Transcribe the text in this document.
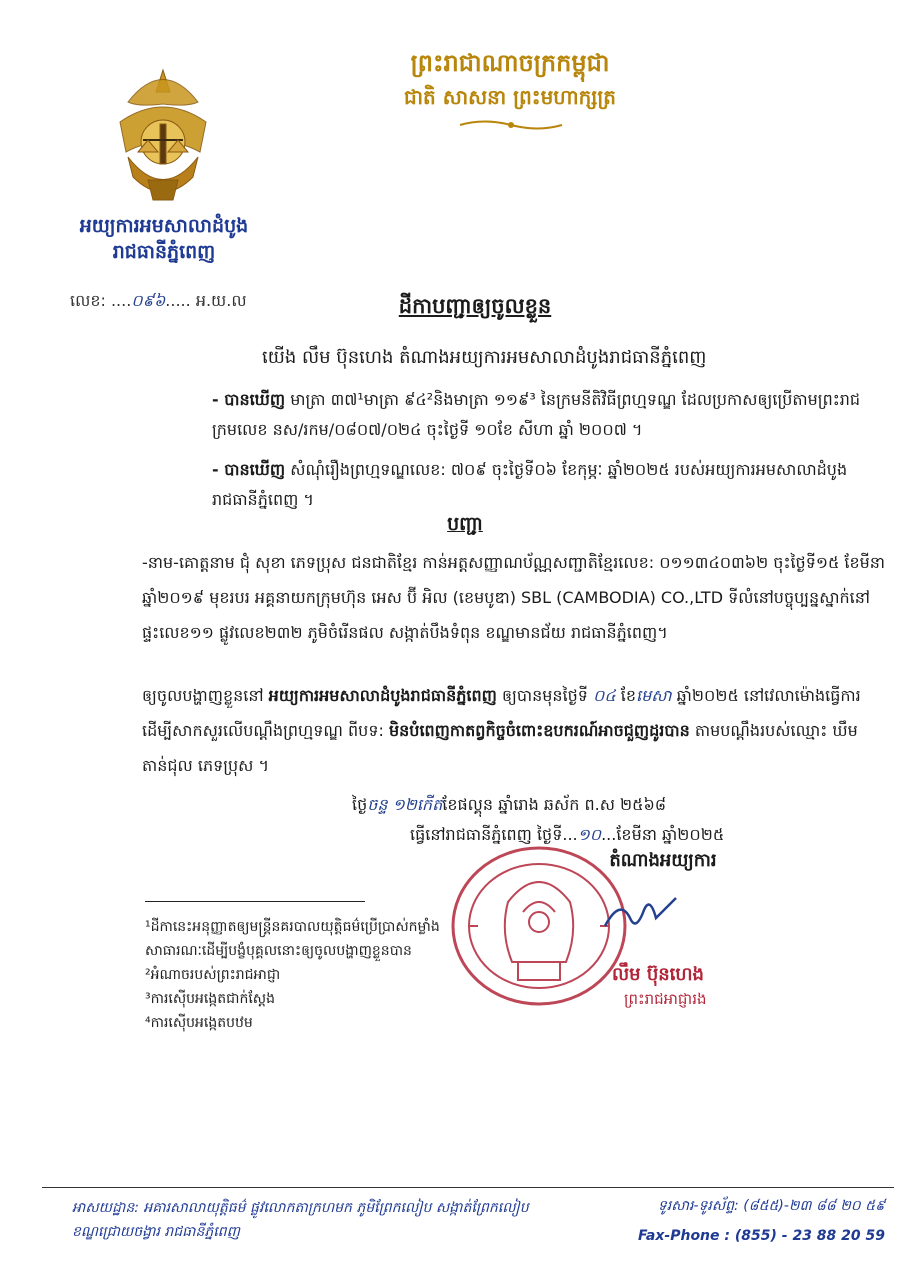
អយ្យការអមសាលាដំបូង
រាជធានីភ្នំពេញ
ព្រះរាជាណាចក្រកម្ពុជា
ជាតិ សាសនា ព្រះមហាក្សត្រ
លេខ: ....០៩៦..... អ.យ.ល	ដីកាបញ្ជាឲ្យចូលខ្លួន
យើង លឹម ប៊ុនហេង តំណាងអយ្យការអមសាលាដំបូងរាជធានីភ្នំពេញ
- បានឃើញ មាត្រា ៣៧¹មាត្រា ៩៤²និងមាត្រា ១១៩³ នៃក្រមនីតិវិធីព្រហ្មទណ្ឌ ដែលប្រកាសឲ្យប្រើតាមព្រះរាជក្រមលេខ នស/រកម/០៨០៧/០២៤ ចុះថ្ងៃទី ១០ខែ សីហា ឆ្នាំ ២០០៧ ។
- បានឃើញ សំណុំរឿងព្រហ្មទណ្ឌលេខ: ៧០៩ ចុះថ្ងៃទី០៦ ខែកុម្ភៈ ឆ្នាំ២០២៥ របស់អយ្យការអមសាលាដំបូងរាជធានីភ្នំពេញ ។
បញ្ជា
-នាម-គោត្តនាម ជុំ សុខា ភេទប្រុស ជនជាតិខ្មែរ កាន់អត្តសញ្ញាណប័ណ្ណសញ្ជាតិខ្មែរលេខ: ០១១៣៤០៣៦២ ចុះថ្ងៃទី១៥ ខែមីនា ឆ្នាំ២០១៩ មុខរបរ អគ្គនាយកក្រុមហ៊ុន អេស ប៊ី អិល (ខេមបូឌា) SBL (CAMBODIA) CO.,LTD ទីលំនៅបច្ចុប្បន្នស្នាក់នៅ ផ្ទះលេខ១១ ផ្លូវលេខ២៣២ ភូមិចំរើនផល សង្កាត់បឹងទំពុន ខណ្ឌមានជ័យ រាជធានីភ្នំពេញ។
ឲ្យចូលបង្ហាញខ្លួននៅ អយ្យការអមសាលាដំបូងរាជធានីភ្នំពេញ ឲ្យបានមុនថ្ងៃទី ០៤ ខែមេសា ឆ្នាំ២០២៥ នៅវេលាម៉ោងធ្វើការដើម្បីសាកសួរលើបណ្តឹងព្រហ្មទណ្ឌ ពីបទ: មិនបំពេញកាតព្វកិច្ចចំពោះឧបករណ៍អាចជួញដូរបាន តាមបណ្តឹងរបស់ឈ្មោះ ឃឹម តាន់ជុល ភេទប្រុស ។
ថ្ងៃចន្ទ ១២កើតខែផល្គុន ឆ្នាំរោង ឆស័ក ព.ស ២៥៦៨
ធ្វើនៅរាជធានីភ្នំពេញ ថ្ងៃទី...១០...ខែមីនា ឆ្នាំ២០២៥
តំណាងអយ្យការ
លឹម ប៊ុនហេង
ព្រះរាជអាជ្ញារង
¹ដីកានេះអនុញ្ញាតឲ្យមន្ត្រីនគរបាលយុត្តិធម៌ប្រើប្រាស់កម្លាំង
សាធារណៈដើម្បីបង្ខំបុគ្គលនោះឲ្យចូលបង្ហាញខ្លួនបាន
²អំណាចរបស់ព្រះរាជអាជ្ញា
³ការស៊ើបអង្កេតជាក់ស្តែង
⁴ការស៊ើបអង្កេតបឋម
អាសយដ្ឋាន: អគារសាលាយុត្តិធម៌ ផ្លូវលោកតាក្រហមក ភូមិព្រែកលៀប សង្កាត់ព្រែកលៀប
ខណ្ឌជ្រោយចង្វារ រាជធានីភ្នំពេញ
ទូរសារ-ទូរស័ព្ទ: (៨៥៥)-២៣ ៨៨ ២០ ៥៩
Fax-Phone : (855) - 23 88 20 59
